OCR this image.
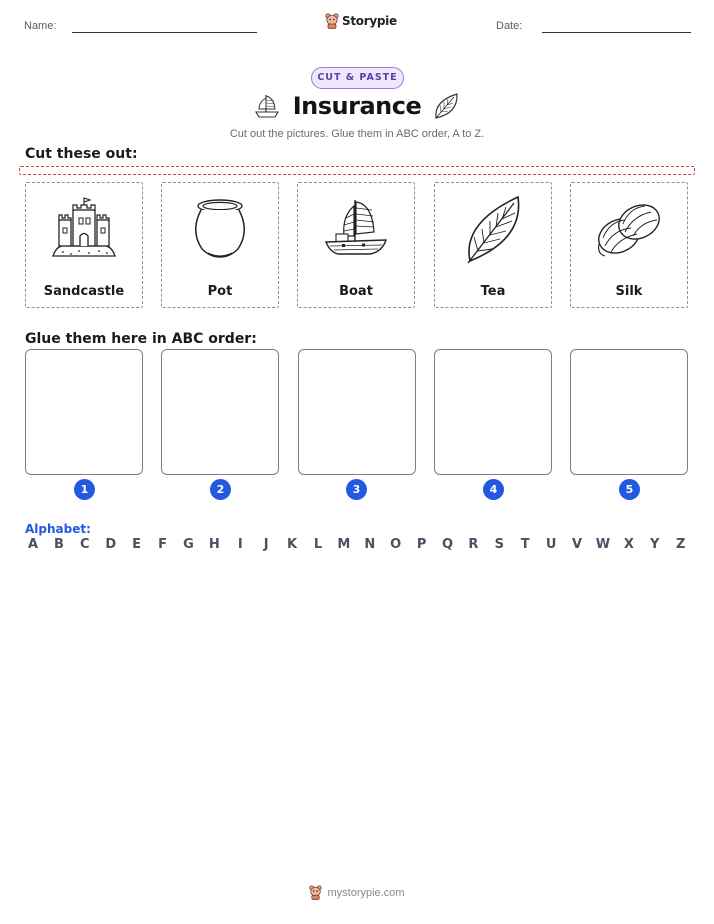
Name:	Storypie	Date:
CUT & PASTE
Insurance
Cut out the pictures. Glue them in ABC order, A to Z.
Cut these out:
Sandcastle	Pot	Boat	Tea	Silk
Glue them here in ABC order:
1	2	3	4	5
Alphabet:
A B C D E F G H	I	J	K L M N O P Q R S T U V W X Y Z
mystorypie.com
